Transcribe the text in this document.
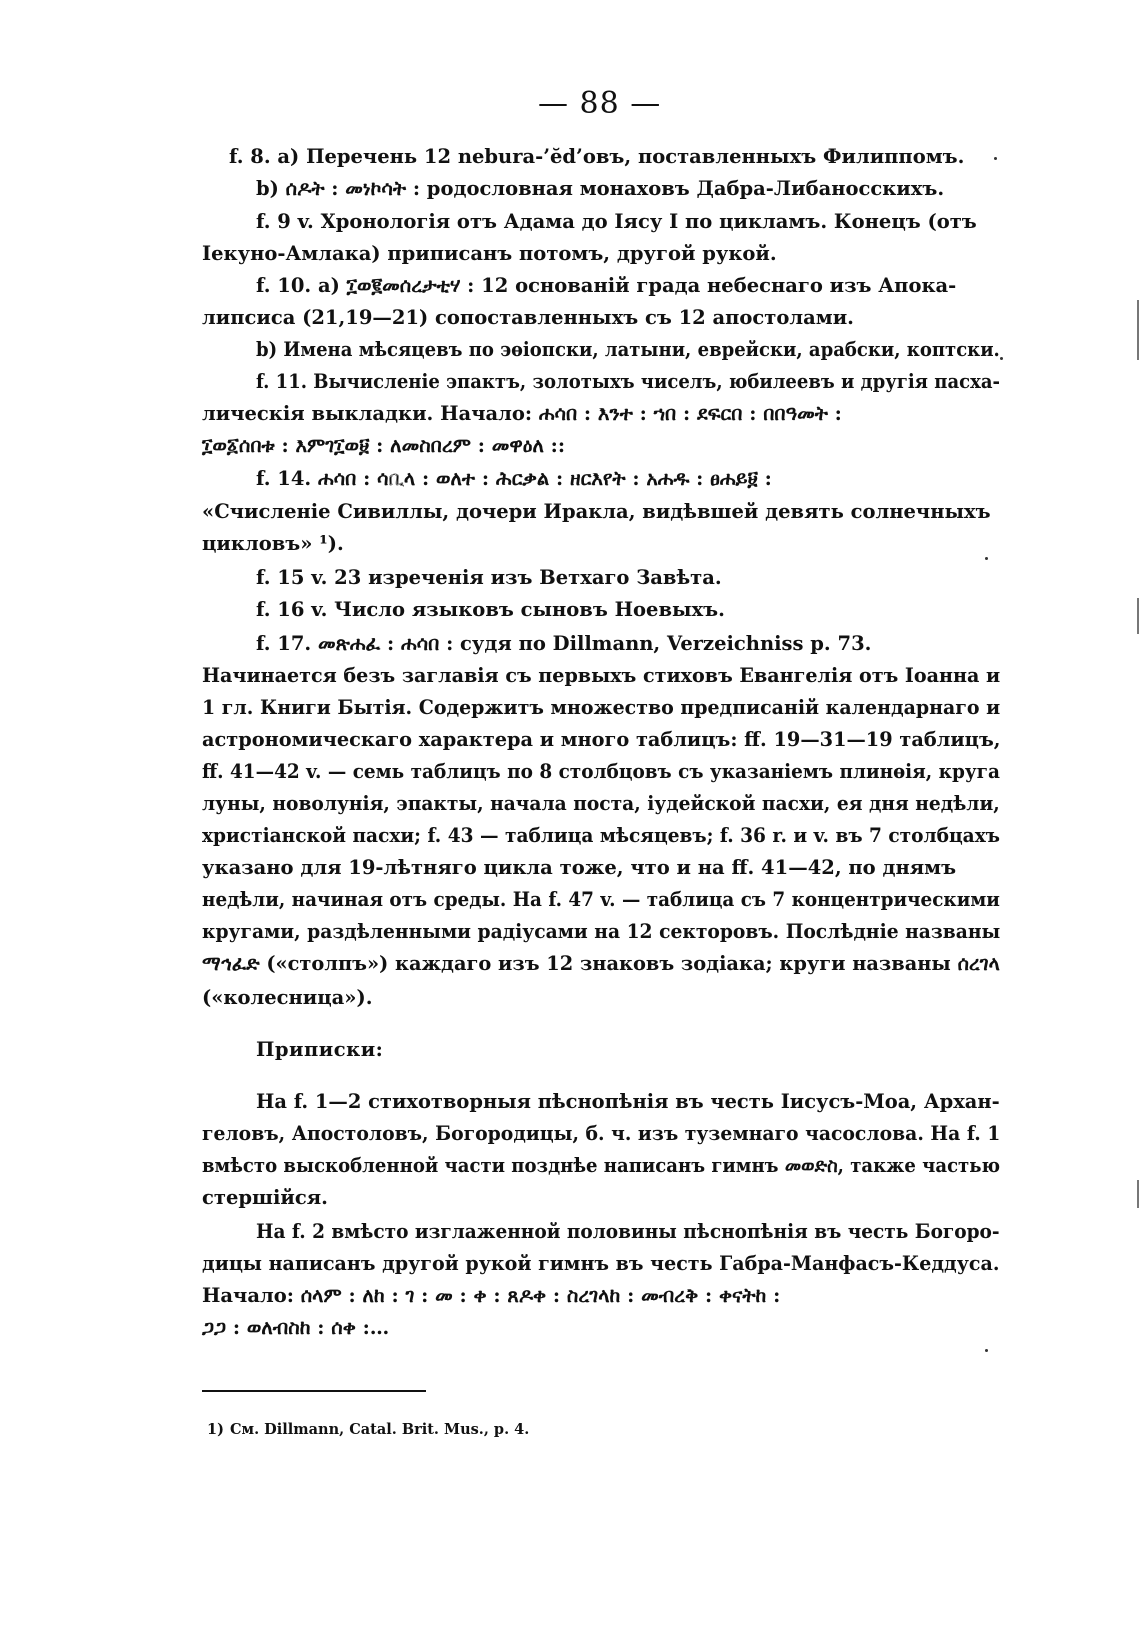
— 88 —
f. 8. a) Перечень 12 nebura-’ĕd’овъ, поставленныхъ Филиппомъ.
b) ሰዶት : መነኮሳት : родословная монаховъ Дабра-Либаносскихъ.
f. 9 v. Хронологія отъ Адама до Іясу I по цикламъ. Конецъ (отъ
Іекуно-Амлака) приписанъ потомъ, другой рукой.
f. 10. a) ፲ወ፪መሰረታቲሃ : 12 основаній града небеснаго изъ Апока-
липсиса (21,19—21) сопоставленныхъ съ 12 апостолами.
b) Имена мѣсяцевъ по эѳіопски, латыни, еврейски, арабски, коптски.
f. 11. Вычисленіе эпактъ, золотыхъ чиселъ, юбилеевъ и другія пасха-
лическія выкладки. Начало: ሐሳበ : እንተ : ኀበ : ደፍርበ : በበዓመት :
፲ወ፩ሰበቱ : እምገ፲ወ፱ : ለመስበረም : መዋዕለ ::
f. 14. ሐሳበ : ሳቢላ : ወለተ : ሕርቃል : ዘርእየት : አሐዱ : ፀሐይ፱ :
«Счисленіе Сивиллы, дочери Иракла, видѣвшей девять солнечныхъ
цикловъ» ¹).
f. 15 v. 23 изреченія изъ Ветхаго Завѣта.
f. 16 v. Число языковъ сыновъ Ноевыхъ.
f. 17. መጽሐፈ : ሐሳበ : судя по Dillmann, Verzeichniss p. 73.
Начинается безъ заглавія съ первыхъ стиховъ Евангелія отъ Іоанна и
1 гл. Книги Бытія. Содержитъ множество предписаній календарнаго и
астрономическаго характера и много таблицъ: ff. 19—31—19 таблицъ,
ff. 41—42 v. — семь таблицъ по 8 столбцовъ съ указаніемъ плинѳія, круга
луны, новолунія, эпакты, начала поста, іудейской пасхи, ея дня недѣли,
христіанской пасхи; f. 43 — таблица мѣсяцевъ; f. 36 r. и v. въ 7 столбцахъ
указано для 19-лѣтняго цикла тоже, что и на ff. 41—42, по днямъ
недѣли, начиная отъ среды. На f. 47 v. — таблица съ 7 концентрическими
кругами, раздѣленными радіусами на 12 секторовъ. Послѣдніе названы
ማኅፈድ («столпъ») каждаго изъ 12 знаковъ зодіака; круги названы ሰረገላ
(«колесница»).
Приписки:
На f. 1—2 стихотворныя пѣснопѣнія въ честь Іисусъ-Моа, Архан-
геловъ, Апостоловъ, Богородицы, б. ч. изъ туземнаго часослова. На f. 1
вмѣсто выскобленной части позднѣе написанъ гимнъ መወድስ, также частью
стершійся.
На f. 2 вмѣсто изглаженной половины пѣснопѣнія въ честь Богоро-
дицы написанъ другой рукой гимнъ въ честь Габра-Манфасъ-Кеддуса.
Начало: ሰላም : ለከ : ገ : መ : ቀ : ጸዶቀ : ስረገላከ : መብረቅ : ቀናትከ :
ጋጋ : ወለብስከ : ሰቀ :…
1) См. Dillmann, Catal. Brit. Mus., p. 4.
